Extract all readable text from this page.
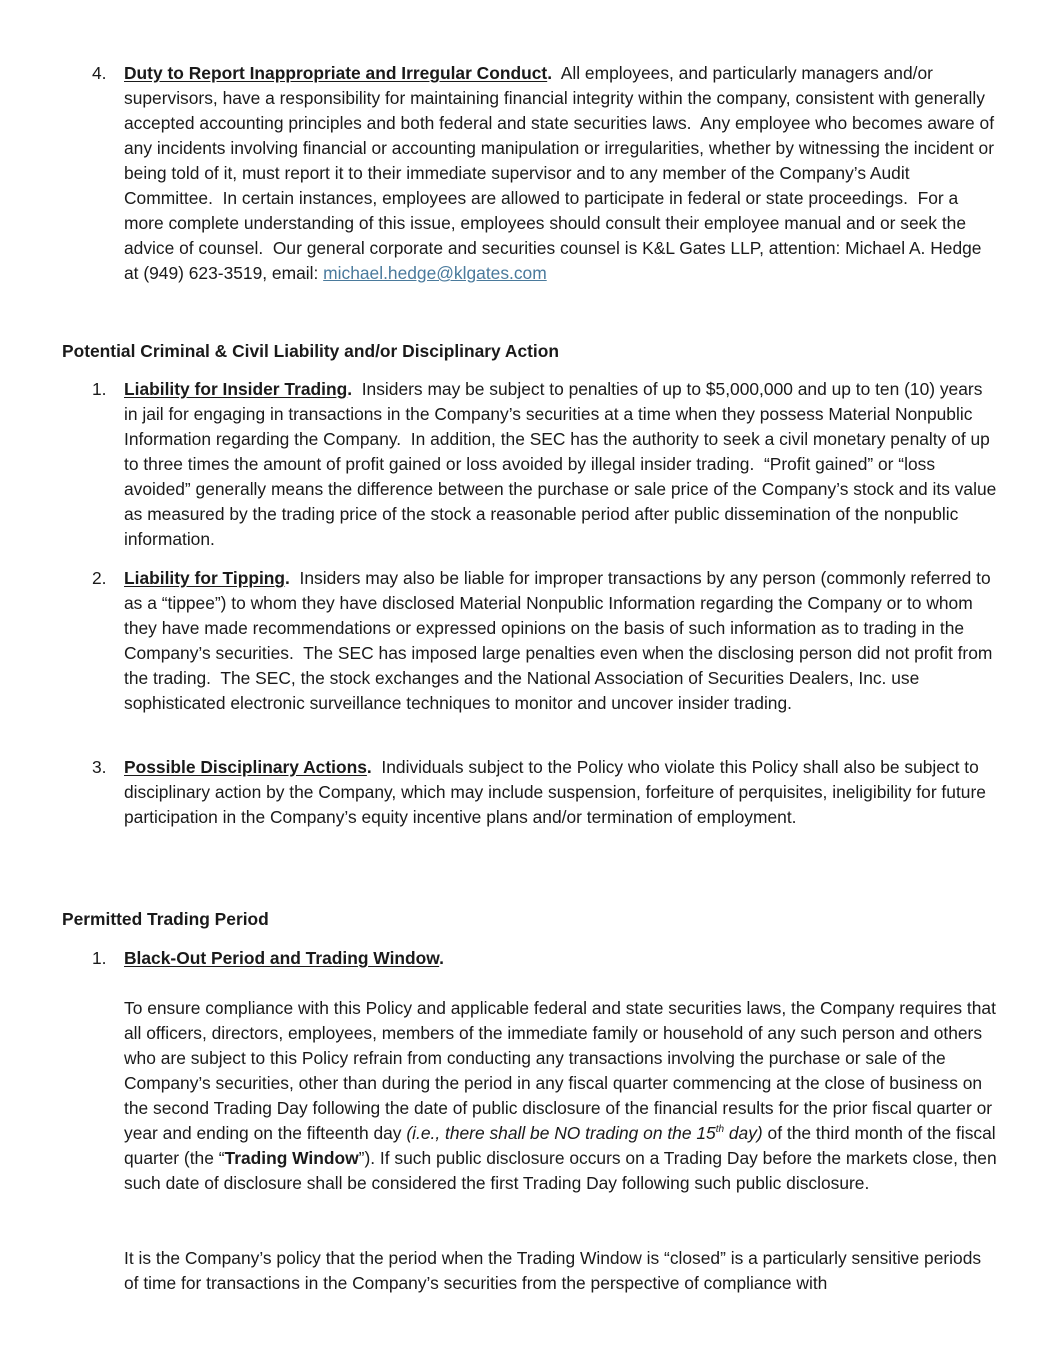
4. Duty to Report Inappropriate and Irregular Conduct.  All employees, and particularly managers and/or supervisors, have a responsibility for maintaining financial integrity within the company, consistent with generally accepted accounting principles and both federal and state securities laws.  Any employee who becomes aware of any incidents involving financial or accounting manipulation or irregularities, whether by witnessing the incident or being told of it, must report it to their immediate supervisor and to any member of the Company’s Audit Committee.  In certain instances, employees are allowed to participate in federal or state proceedings.  For a more complete understanding of this issue, employees should consult their employee manual and or seek the advice of counsel.  Our general corporate and securities counsel is K&L Gates LLP, attention: Michael A. Hedge at (949) 623-3519, email: michael.hedge@klgates.com
Potential Criminal & Civil Liability and/or Disciplinary Action
1. Liability for Insider Trading.  Insiders may be subject to penalties of up to $5,000,000 and up to ten (10) years in jail for engaging in transactions in the Company’s securities at a time when they possess Material Nonpublic Information regarding the Company.  In addition, the SEC has the authority to seek a civil monetary penalty of up to three times the amount of profit gained or loss avoided by illegal insider trading.  “Profit gained” or “loss avoided” generally means the difference between the purchase or sale price of the Company’s stock and its value as measured by the trading price of the stock a reasonable period after public dissemination of the nonpublic information.
2. Liability for Tipping.  Insiders may also be liable for improper transactions by any person (commonly referred to as a “tippee”) to whom they have disclosed Material Nonpublic Information regarding the Company or to whom they have made recommendations or expressed opinions on the basis of such information as to trading in the Company’s securities.  The SEC has imposed large penalties even when the disclosing person did not profit from the trading.  The SEC, the stock exchanges and the National Association of Securities Dealers, Inc. use sophisticated electronic surveillance techniques to monitor and uncover insider trading.
3. Possible Disciplinary Actions.  Individuals subject to the Policy who violate this Policy shall also be subject to disciplinary action by the Company, which may include suspension, forfeiture of perquisites, ineligibility for future participation in the Company’s equity incentive plans and/or termination of employment.
Permitted Trading Period
1. Black-Out Period and Trading Window.
To ensure compliance with this Policy and applicable federal and state securities laws, the Company requires that all officers, directors, employees, members of the immediate family or household of any such person and others who are subject to this Policy refrain from conducting any transactions involving the purchase or sale of the Company’s securities, other than during the period in any fiscal quarter commencing at the close of business on the second Trading Day following the date of public disclosure of the financial results for the prior fiscal quarter or year and ending on the fifteenth day (i.e., there shall be NO trading on the 15th day) of the third month of the fiscal quarter (the “Trading Window”). If such public disclosure occurs on a Trading Day before the markets close, then such date of disclosure shall be considered the first Trading Day following such public disclosure.
It is the Company’s policy that the period when the Trading Window is “closed” is a particularly sensitive periods of time for transactions in the Company’s securities from the perspective of compliance with
